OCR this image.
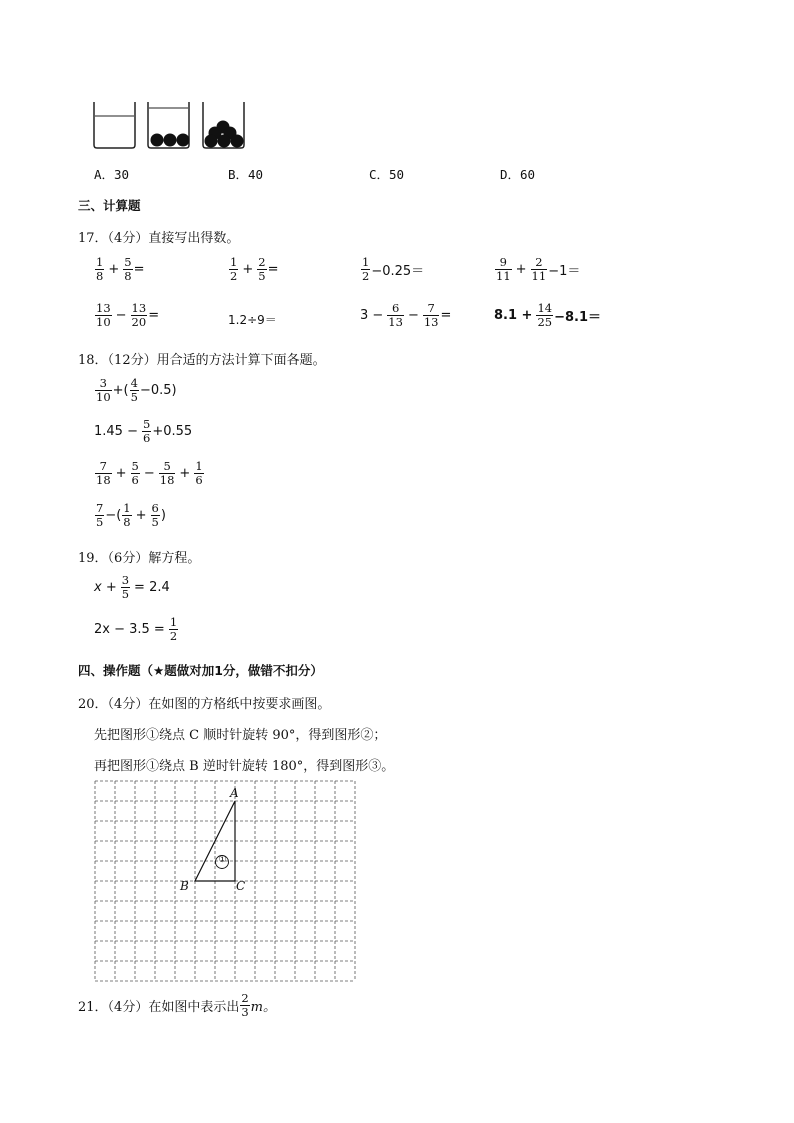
A．30	B．40	C．50	D．60
三、计算题
17．（4分）直接写出得数。
$\frac{1}{8} + \frac{5}{8}$ =	$\frac{1}{2} + \frac{2}{5}$ =	$\frac{1}{2} -0.25=$	$\frac{9}{11} + \frac{2}{11} -1=$
$\frac{13}{10} - \frac{13}{20}$ =	1.2÷9＝	$3 - \frac{6}{13} - \frac{7}{13}$ =	$8.1 + \frac{14}{25} -8.1=$
18．（12分）用合适的方法计算下面各题。
$\frac{3}{10}$ +( $\frac{4}{5} -0.5$)
$1.45 - \frac{5}{6} +0.55$
$\frac{7}{18} + \frac{5}{6} - \frac{5}{18} + \frac{1}{6}$
$\frac{7}{5}$ −( $\frac{1}{8} + \frac{6}{5}$ )
19．（6分）解方程。
$x + \frac{3}{5} = 2.4$
$2x - 3.5 = \frac{1}{2}$
四、操作题（★题做对加1分，做错不扣分）
20．（4分）在如图的方格纸中按要求画图。
先把图形①绕点 C 顺时针旋转 90°，得到图形②；
再把图形①绕点 B 逆时针旋转 180°，得到图形③。
A
B	C
①
21．（4分）在如图中表示出 $\frac{2}{3}$ m。
